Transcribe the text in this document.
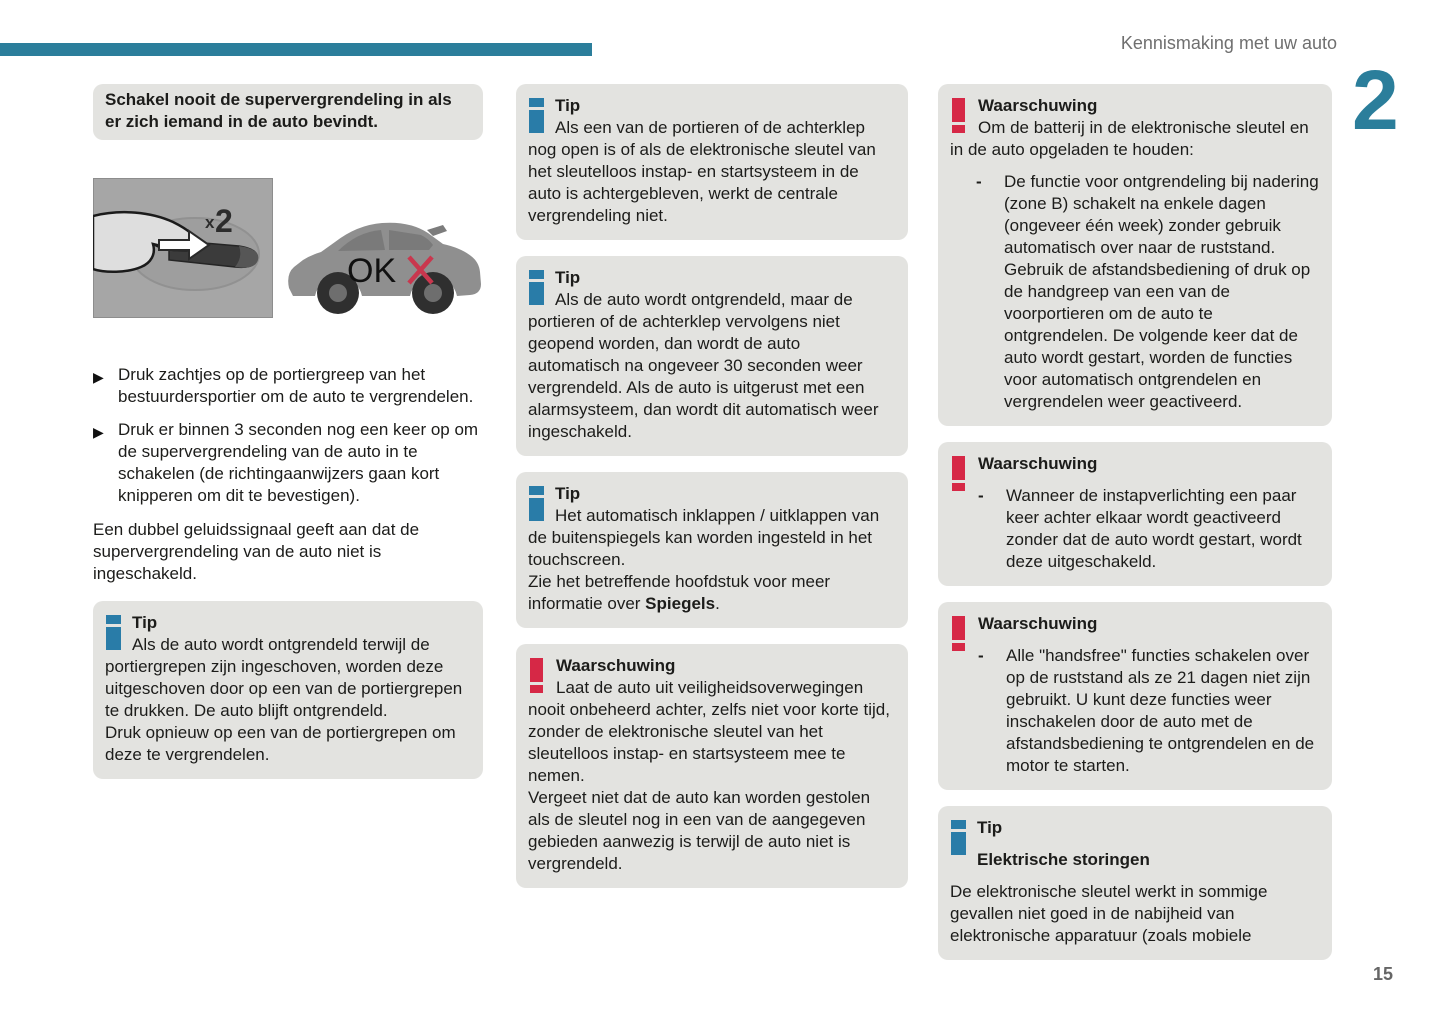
Kennismaking met uw auto
2
Schakel nooit de supervergrendeling in als er zich iemand in de auto bevindt.
x 2
OK
▶ Druk zachtjes op de portiergreep van het bestuurdersportier om de auto te vergrendelen.
▶ Druk er binnen 3 seconden nog een keer op om de supervergrendeling van de auto in te schakelen (de richtingaanwijzers gaan kort knipperen om dit te bevestigen).
Een dubbel geluidssignaal geeft aan dat de supervergrendeling van de auto niet is ingeschakeld.
Tip
Als de auto wordt ontgrendeld terwijl de portiergrepen zijn ingeschoven, worden deze uitgeschoven door op een van de portiergrepen te drukken. De auto blijft ontgrendeld.
Druk opnieuw op een van de portiergrepen om deze te vergrendelen.
Tip
Als een van de portieren of de achterklep nog open is of als de elektronische sleutel van het sleutelloos instap- en startsysteem in de auto is achtergebleven, werkt de centrale vergrendeling niet.
Tip
Als de auto wordt ontgrendeld, maar de portieren of de achterklep vervolgens niet geopend worden, dan wordt de auto automatisch na ongeveer 30 seconden weer vergrendeld. Als de auto is uitgerust met een alarmsysteem, dan wordt dit automatisch weer ingeschakeld.
Tip
Het automatisch inklappen / uitklappen van de buitenspiegels kan worden ingesteld in het touchscreen.
Zie het betreffende hoofdstuk voor meer informatie over Spiegels.
Waarschuwing
Laat de auto uit veiligheidsoverwegingen nooit onbeheerd achter, zelfs niet voor korte tijd, zonder de elektronische sleutel van het sleutelloos instap- en startsysteem mee te nemen.
Vergeet niet dat de auto kan worden gestolen als de sleutel nog in een van de aangegeven gebieden aanwezig is terwijl de auto niet is vergrendeld.
Waarschuwing
Om de batterij in de elektronische sleutel en in de auto opgeladen te houden:
-	De functie voor ontgrendeling bij nadering (zone B) schakelt na enkele dagen (ongeveer één week) zonder gebruik automatisch over naar de ruststand. Gebruik de afstandsbediening of druk op de handgreep van een van de voorportieren om de auto te ontgrendelen. De volgende keer dat de auto wordt gestart, worden de functies voor automatisch ontgrendelen en vergrendelen weer geactiveerd.
Waarschuwing
-	Wanneer de instapverlichting een paar keer achter elkaar wordt geactiveerd zonder dat de auto wordt gestart, wordt deze uitgeschakeld.
Waarschuwing
-	Alle "handsfree" functies schakelen over op de ruststand als ze 21 dagen niet zijn gebruikt. U kunt deze functies weer inschakelen door de auto met de afstandsbediening te ontgrendelen en de motor te starten.
Tip
Elektrische storingen
De elektronische sleutel werkt in sommige gevallen niet goed in de nabijheid van elektronische apparatuur (zoals mobiele
15
